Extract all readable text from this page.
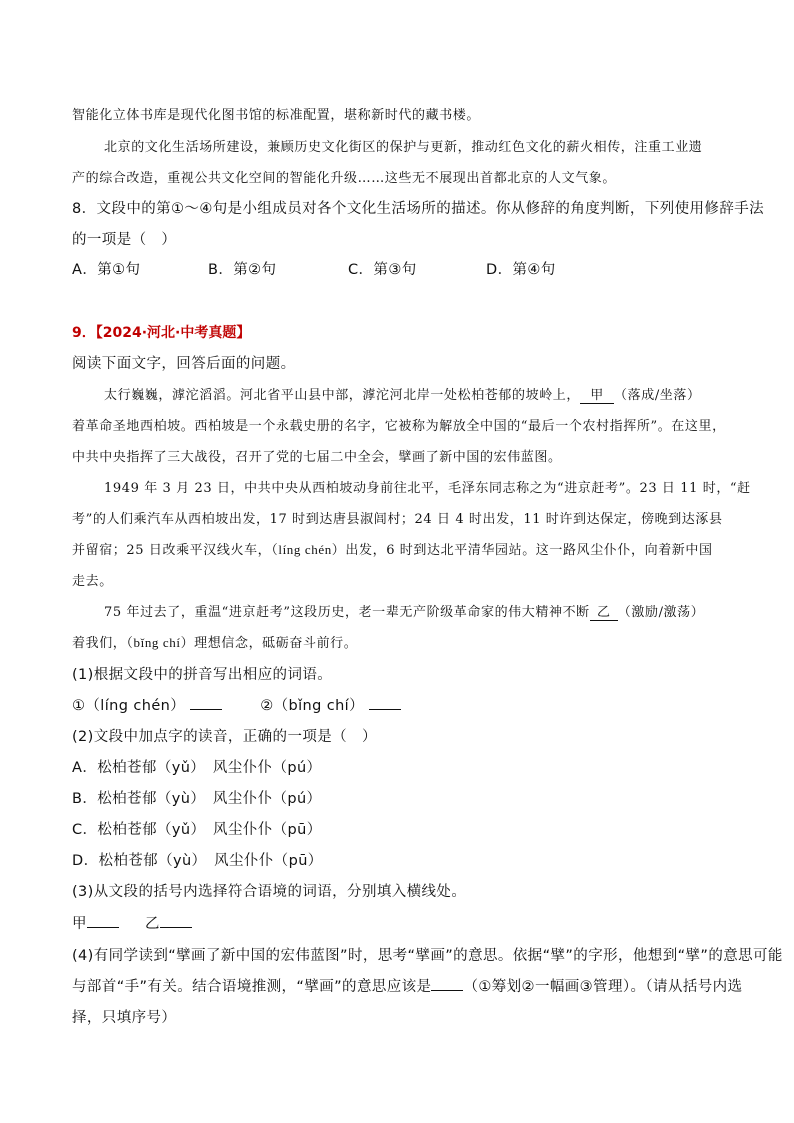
智能化立体书库是现代化图书馆的标准配置，堪称新时代的藏书楼。
北京的文化生活场所建设，兼顾历史文化街区的保护与更新，推动红色文化的薪火相传，注重工业遗
产的综合改造，重视公共文化空间的智能化升级……这些无不展现出首都北京的人文气象。
8．文段中的第①～④句是小组成员对各个文化生活场所的描述。你从修辞的角度判断，下列使用修辞手法
的一项是（　）
A．第①句	B．第②句	C．第③句	D．第④句
9．【2024·河北·中考真题】
阅读下面文字，回答后面的问题。
太行巍巍，滹沱滔滔。河北省平山县中部，滹沱河北岸一处松柏苍郁的坡岭上， 甲 （落成/坐落）
着革命圣地西柏坡。西柏坡是一个永载史册的名字，它被称为解放全中国的“最后一个农村指挥所”。在这里，
中共中央指挥了三大战役，召开了党的七届二中全会，擘画了新中国的宏伟蓝图。
1949 年 3 月 23 日，中共中央从西柏坡动身前往北平，毛泽东同志称之为“进京赶考”。23 日 11 时，“赶
考”的人们乘汽车从西柏坡出发，17 时到达唐县淑闾村；24 日 4 时出发，11 时许到达保定，傍晚到达涿县
并留宿；25 日改乘平汉线火车，（líng chén）出发，6 时到达北平清华园站。这一路风尘仆仆，向着新中国
走去。
75 年过去了，重温“进京赶考”这段历史，老一辈无产阶级革命家的伟大精神不断 乙 （激励/激荡）
着我们，（bǐng chí）理想信念，砥砺奋斗前行。
(1)根据文段中的拼音写出相应的词语。
①（líng chén）	②（bǐng chí）
(2)文段中加点字的读音，正确的一项是（　）
A．松柏苍郁（yǔ）　风尘仆仆（pú）
B．松柏苍郁（yù）　风尘仆仆（pú）
C．松柏苍郁（yǔ）　风尘仆仆（pū）
D．松柏苍郁（yù）　风尘仆仆（pū）
(3)从文段的括号内选择符合语境的词语，分别填入横线处。
甲	乙
(4)有同学读到“擘画了新中国的宏伟蓝图”时，思考“擘画”的意思。依据“擘”的字形，他想到“擘”的意思可能
与部首“手”有关。结合语境推测，“擘画”的意思应该是 （①筹划②一幅画③管理）。（请从括号内选
择，只填序号）
